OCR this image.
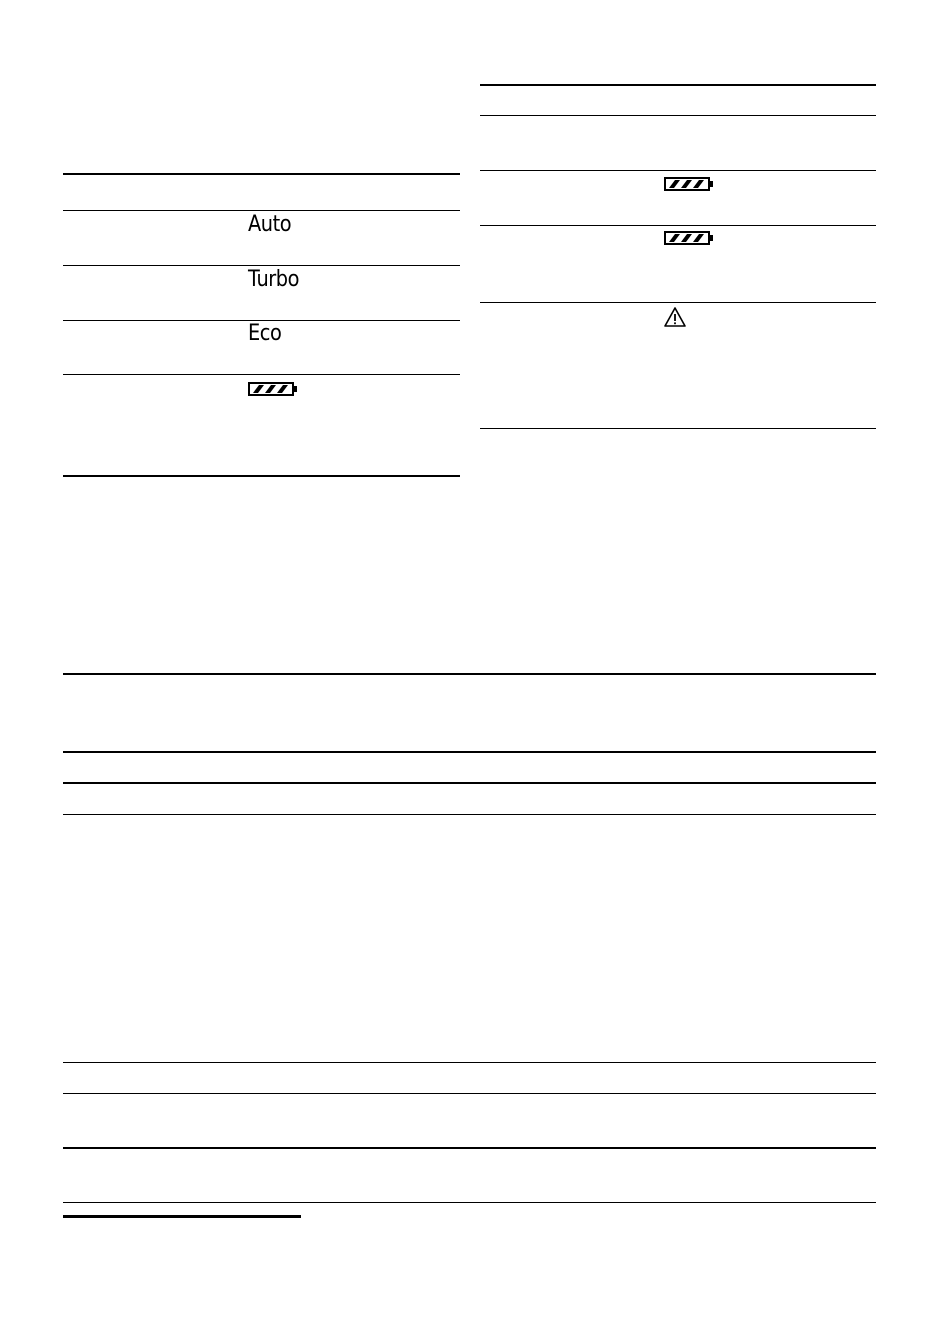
Auto
Turbo
Eco
